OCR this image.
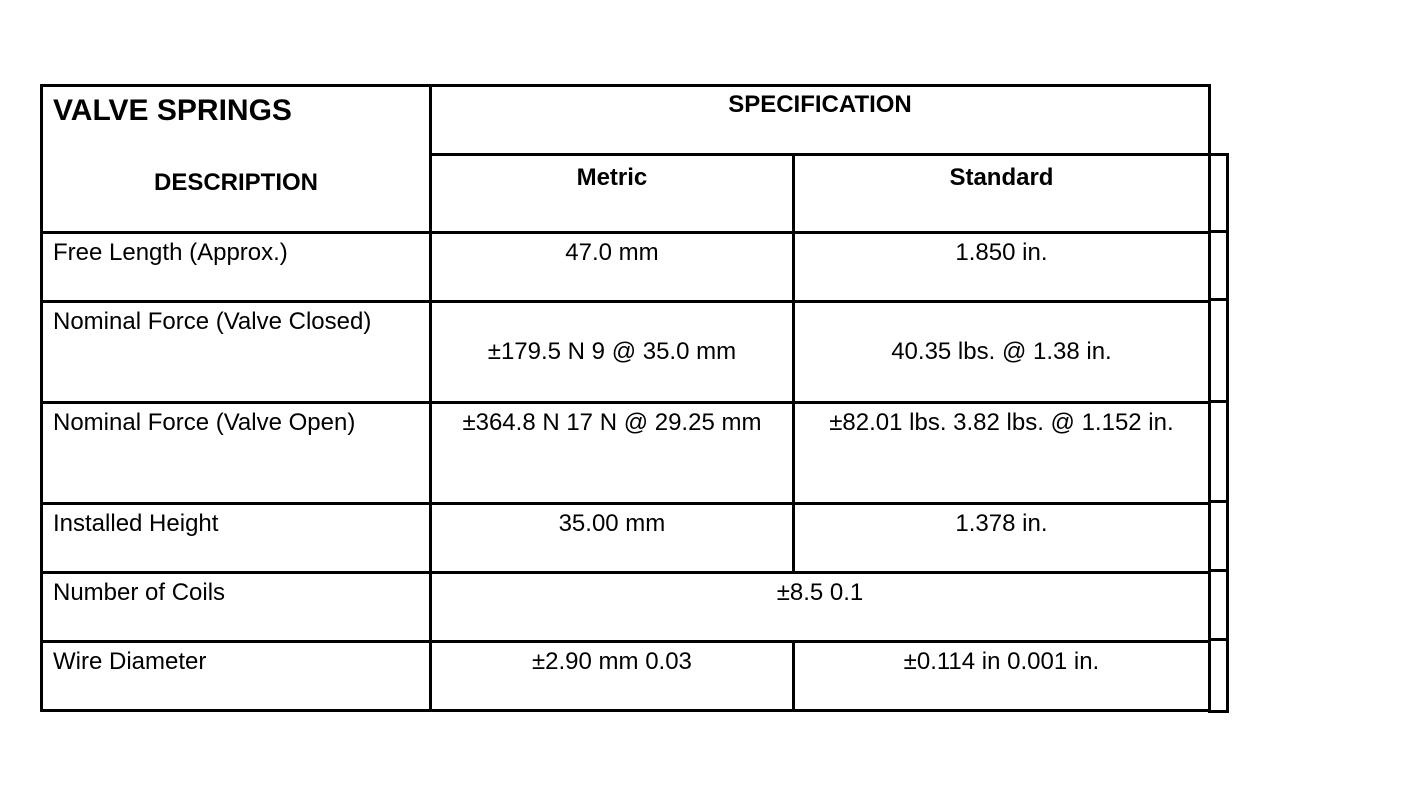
VALVE SPRINGS	SPECIFICATION	
DESCRIPTION	Metric	Standard
Free Length (Approx.)	47.0 mm	1.850 in.
Nominal Force (Valve Closed)	±179.5 N 9 @ 35.0 mm	40.35 lbs. @ 1.38 in.
Nominal Force (Valve Open)	±364.8 N 17 N @ 29.25 mm	±82.01 lbs. 3.82 lbs. @ 1.152 in.
Installed Height	35.00 mm	1.378 in.
Number of Coils	±8.5 0.1	
Wire Diameter	±2.90 mm 0.03	±0.114 in 0.001 in.
